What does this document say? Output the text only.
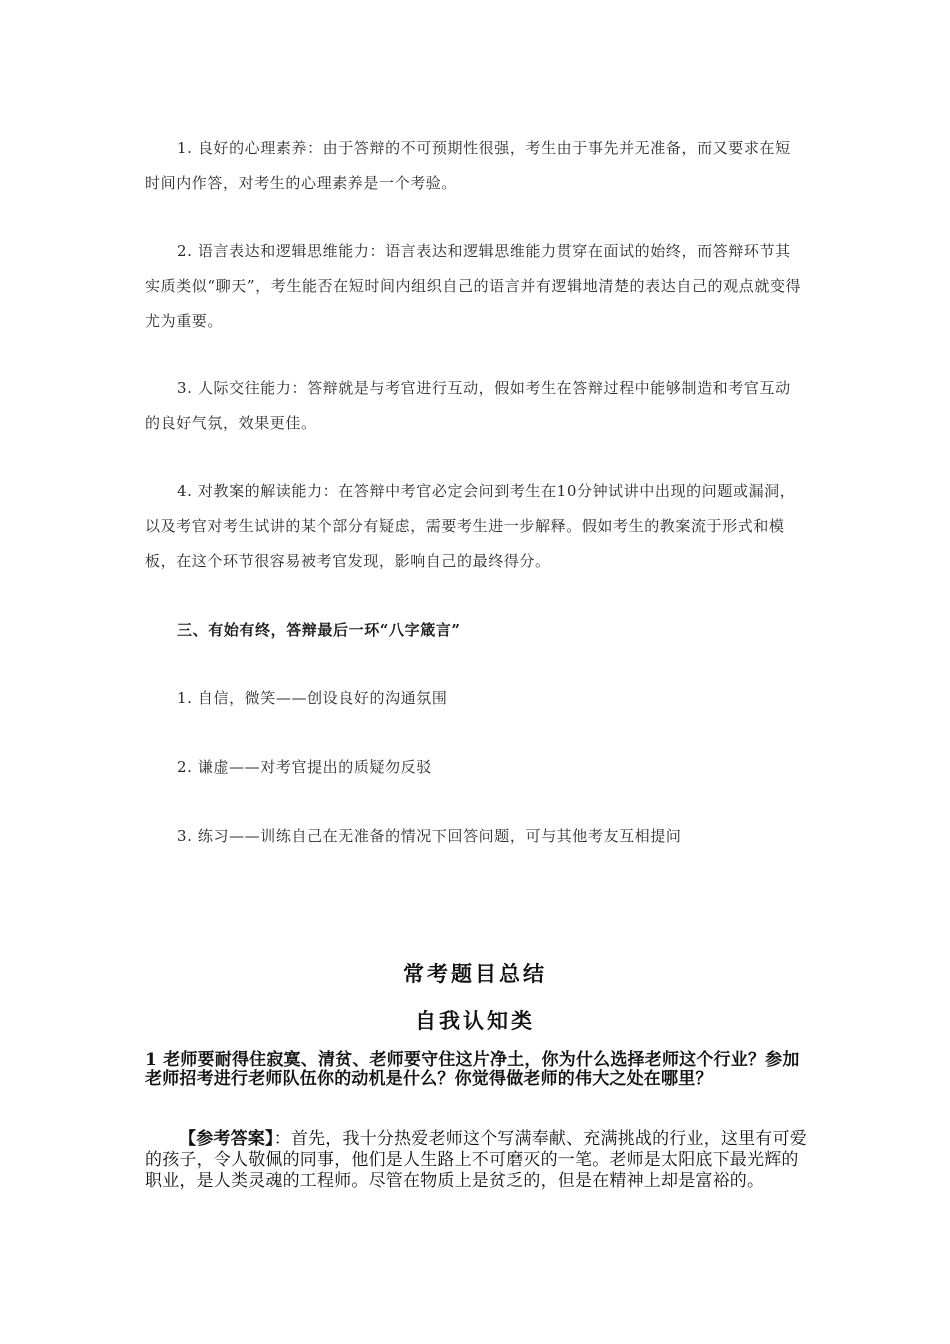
1. 良好的心理素养：由于答辩的不可预期性很强，考生由于事先并无准备，而又要求在短时间内作答，对考生的心理素养是一个考验。

2. 语言表达和逻辑思维能力：语言表达和逻辑思维能力贯穿在面试的始终，而答辩环节其实质类似“聊天”，考生能否在短时间内组织自己的语言并有逻辑地清楚的表达自己的观点就变得尤为重要。

3. 人际交往能力：答辩就是与考官进行互动，假如考生在答辩过程中能够制造和考官互动的良好气氛，效果更佳。

4. 对教案的解读能力：在答辩中考官必定会问到考生在10分钟试讲中出现的问题或漏洞，以及考官对考生试讲的某个部分有疑虑，需要考生进一步解释。假如考生的教案流于形式和模板，在这个环节很容易被考官发现，影响自己的最终得分。

三、有始有终，答辩最后一环“八字箴言”

1. 自信，微笑——创设良好的沟通氛围

2. 谦虚——对考官提出的质疑勿反驳

3. 练习——训练自己在无准备的情况下回答问题，可与其他考友互相提问

常考题目总结
自我认知类

1 老师要耐得住寂寞、清贫、老师要守住这片净土，你为什么选择老师这个行业？参加老师招考进行老师队伍你的动机是什么？你觉得做老师的伟大之处在哪里？

【参考答案】：首先，我十分热爱老师这个写满奉献、充满挑战的行业，这里有可爱的孩子，令人敬佩的同事，他们是人生路上不可磨灭的一笔。老师是太阳底下最光辉的职业，是人类灵魂的工程师。尽管在物质上是贫乏的，但是在精神上却是富裕的。
